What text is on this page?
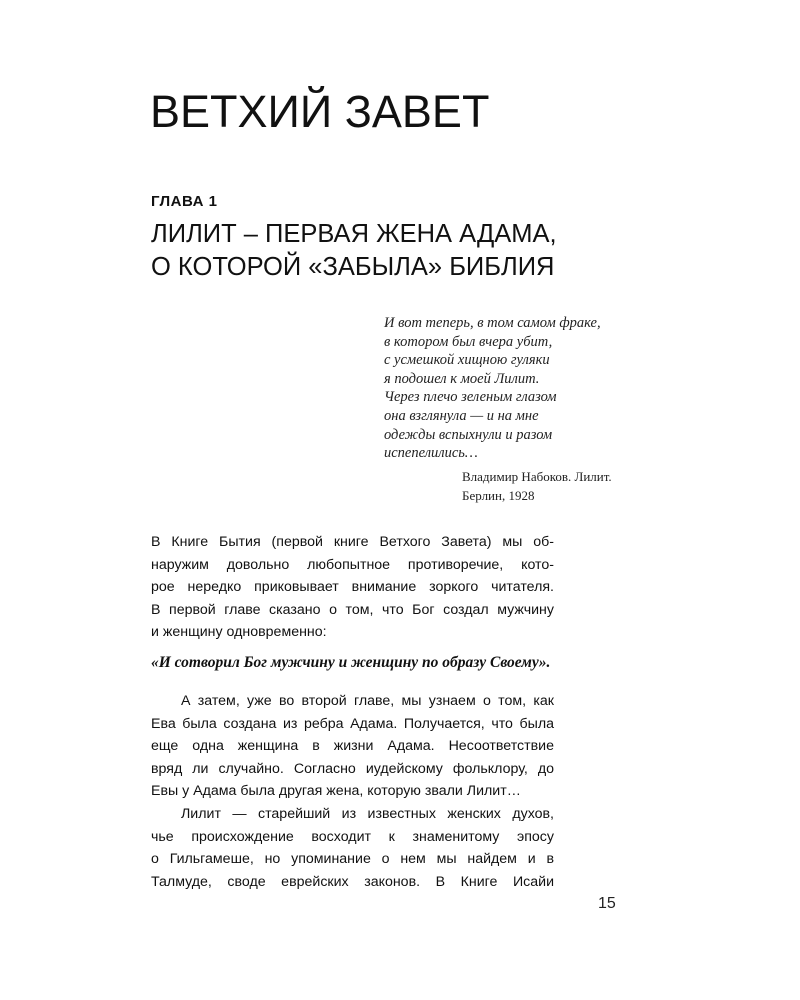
ВЕТХИЙ ЗАВЕТ
ГЛАВА 1
ЛИЛИТ – ПЕРВАЯ ЖЕНА АДАМА,
О КОТОРОЙ «ЗАБЫЛА» БИБЛИЯ

И вот теперь, в том самом фраке,
в котором был вчера убит,
с усмешкой хищною гуляки
я подошел к моей Лилит.
Через плечо зеленым глазом
она взглянула — и на мне
одежды вспыхнули и разом
испепелились…

Владимир Набоков. Лилит.
Берлин, 1928

В Книге Бытия (первой книге Ветхого Завета) мы об-
наружим довольно любопытное противоречие, кото-
рое нередко приковывает внимание зоркого читателя.
В первой главе сказано о том, что Бог создал мужчину
и женщину одновременно:

«И сотворил Бог мужчину и женщину по образу Своему».

А затем, уже во второй главе, мы узнаем о том, как
Ева была создана из ребра Адама. Получается, что была
еще одна женщина в жизни Адама. Несоответствие
вряд ли случайно. Согласно иудейскому фольклору, до
Евы у Адама была другая жена, которую звали Лилит…
Лилит — старейший из известных женских духов,
чье происхождение восходит к знаменитому эпосу
о Гильгамеше, но упоминание о нем мы найдем и в
Талмуде, своде еврейских законов. В Книге Исайи
15
